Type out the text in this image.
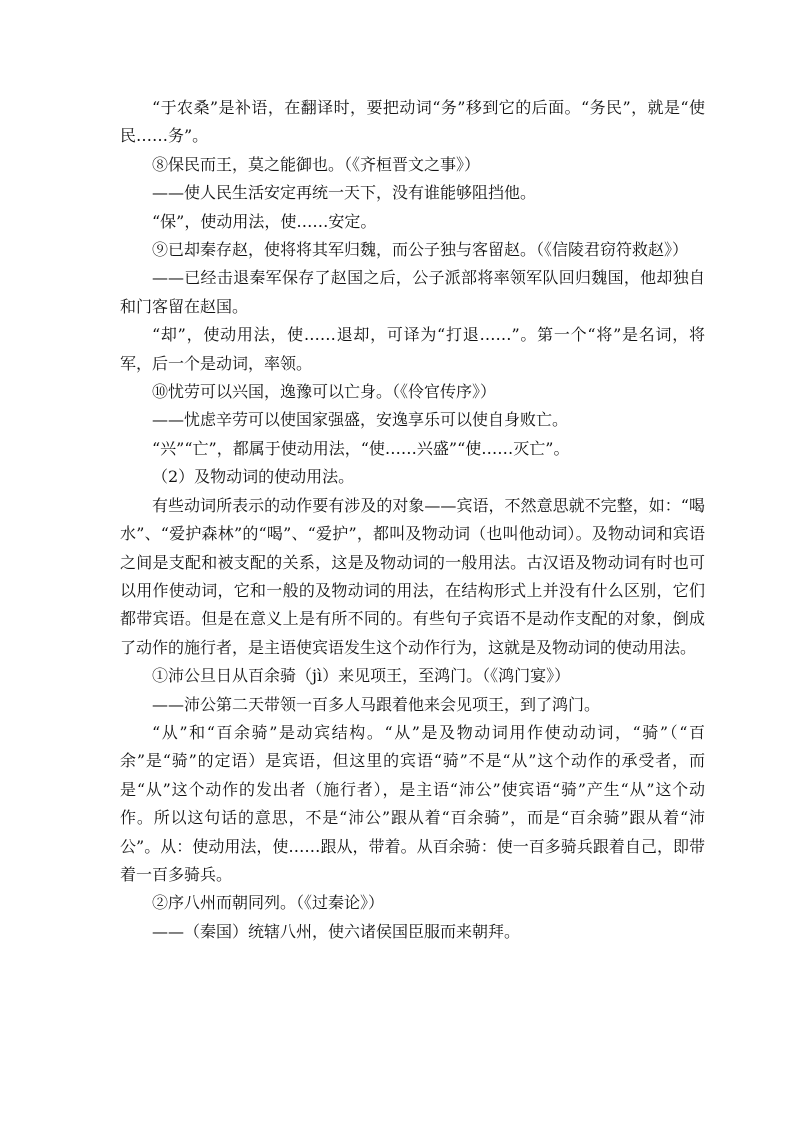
“于农桑”是补语，在翻译时，要把动词“务”移到它的后面。“务民”，就是“使民……务”。

⑧保民而王，莫之能御也。（《齐桓晋文之事》）

——使人民生活安定再统一天下，没有谁能够阻挡他。

“保”，使动用法，使……安定。

⑨已却秦存赵，使将将其军归魏，而公子独与客留赵。（《信陵君窃符救赵》）

——已经击退秦军保存了赵国之后，公子派部将率领军队回归魏国，他却独自和门客留在赵国。

“却”，使动用法，使……退却，可译为“打退……”。第一个“将”是名词，将军，后一个是动词，率领。

⑩忧劳可以兴国，逸豫可以亡身。（《伶官传序》）

——忧虑辛劳可以使国家强盛，安逸享乐可以使自身败亡。

“兴”“亡”，都属于使动用法，“使……兴盛”“使……灭亡”。

（2）及物动词的使动用法。

有些动词所表示的动作要有涉及的对象——宾语，不然意思就不完整，如：“喝水”、“爱护森林”的“喝”、“爱护”，都叫及物动词（也叫他动词）。及物动词和宾语之间是支配和被支配的关系，这是及物动词的一般用法。古汉语及物动词有时也可以用作使动词，它和一般的及物动词的用法，在结构形式上并没有什么区别，它们都带宾语。但是在意义上是有所不同的。有些句子宾语不是动作支配的对象，倒成了动作的施行者，是主语使宾语发生这个动作行为，这就是及物动词的使动用法。

①沛公旦日从百余骑（jì）来见项王，至鸿门。（《鸿门宴》）

——沛公第二天带领一百多人马跟着他来会见项王，到了鸿门。

“从”和“百余骑”是动宾结构。“从”是及物动词用作使动动词，“骑”（“百余”是“骑”的定语）是宾语，但这里的宾语“骑”不是“从”这个动作的承受者，而是“从”这个动作的发出者（施行者），是主语“沛公”使宾语“骑”产生“从”这个动作。所以这句话的意思，不是“沛公”跟从着“百余骑”，而是“百余骑”跟从着“沛公”。从：使动用法，使……跟从，带着。从百余骑：使一百多骑兵跟着自己，即带着一百多骑兵。

②序八州而朝同列。（《过秦论》）

——（秦国）统辖八州，使六诸侯国臣服而来朝拜。
